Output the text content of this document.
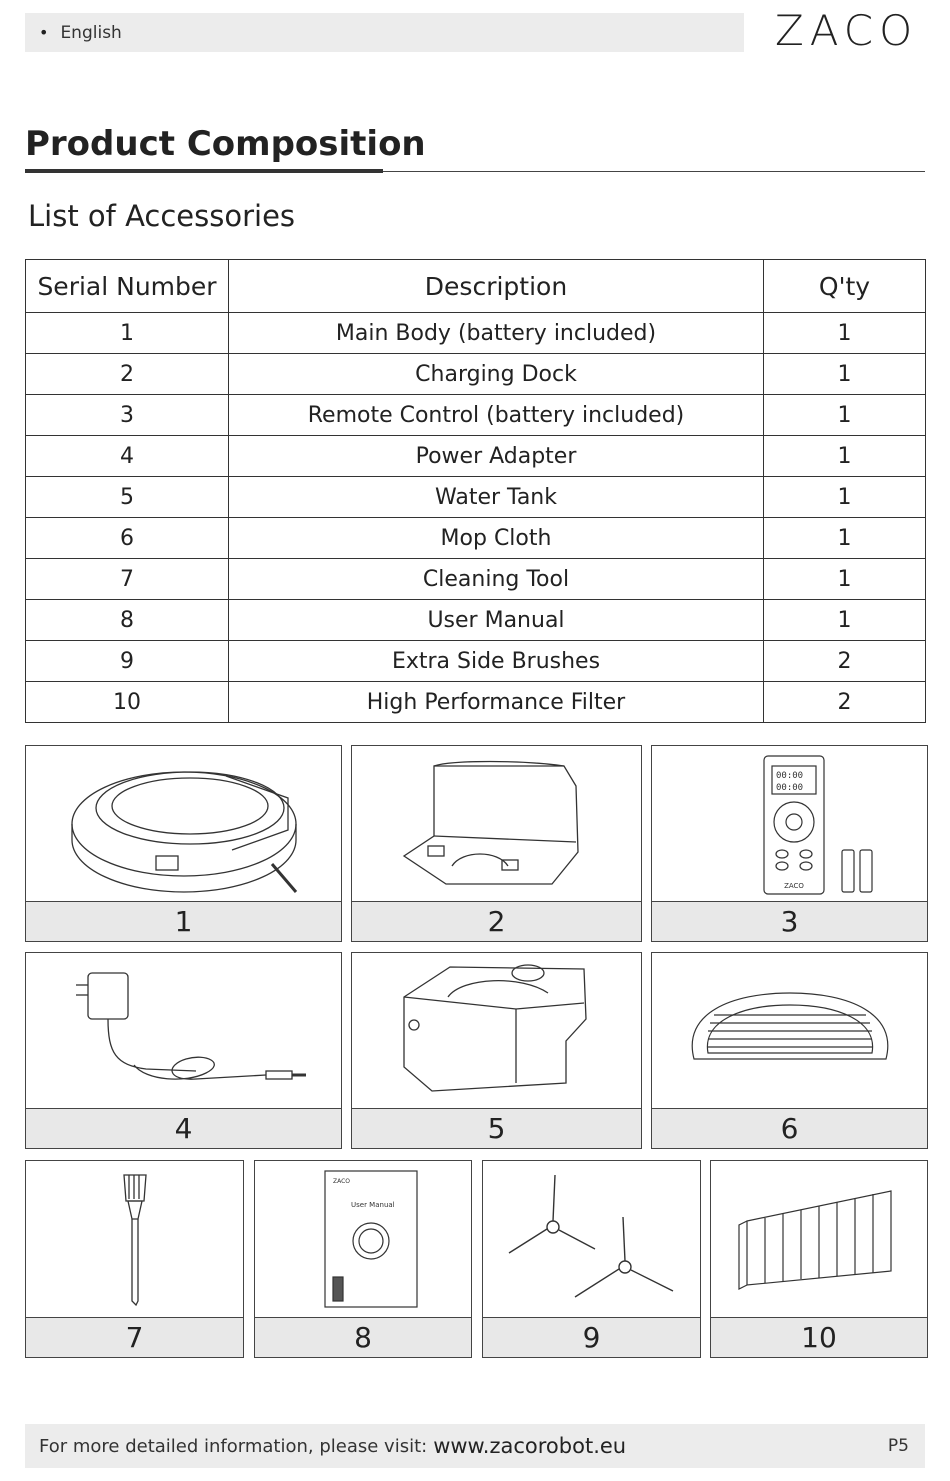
• English	ZACO
Product Composition
List of Accessories
Serial Number	Description	Q'ty
1	Main Body (battery included)	1
2	Charging Dock	1
3	Remote Control (battery included)	1
4	Power Adapter	1
5	Water Tank	1
6	Mop Cloth	1
7	Cleaning Tool	1
8	User Manual	1
9	Extra Side Brushes	2
10	High Performance Filter	2
1	2
00:00
00:00
ZACO
3
4	5	6
7
ZACO
User Manual
8	9	10
For more detailed information, please visit: www.zacorobot.eu	P5
